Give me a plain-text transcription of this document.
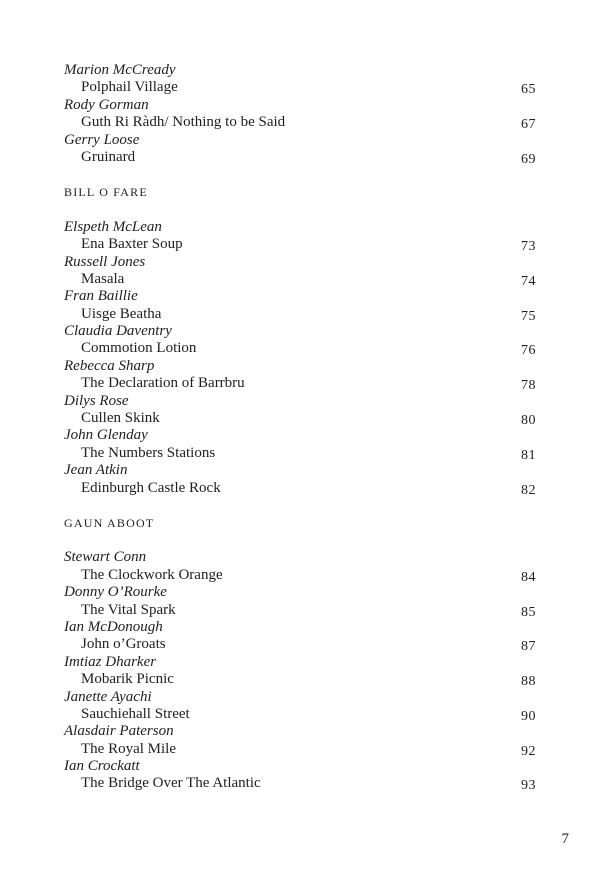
Marion McCready
Polphail Village	65
Rody Gorman
Guth Ri Ràdh/ Nothing to be Said	67
Gerry Loose
Gruinard	69
BILL O FARE
Elspeth McLean
Ena Baxter Soup	73
Russell Jones
Masala	74
Fran Baillie
Uisge Beatha	75
Claudia Daventry
Commotion Lotion	76
Rebecca Sharp
The Declaration of Barrbru	78
Dilys Rose
Cullen Skink	80
John Glenday
The Numbers Stations	81
Jean Atkin
Edinburgh Castle Rock	82
GAUN ABOOT
Stewart Conn
The Clockwork Orange	84
Donny O’Rourke
The Vital Spark	85
Ian McDonough
John o’Groats	87
Imtiaz Dharker
Mobarik Picnic	88
Janette Ayachi
Sauchiehall Street	90
Alasdair Paterson
The Royal Mile	92
Ian Crockatt
The Bridge Over The Atlantic	93
7
